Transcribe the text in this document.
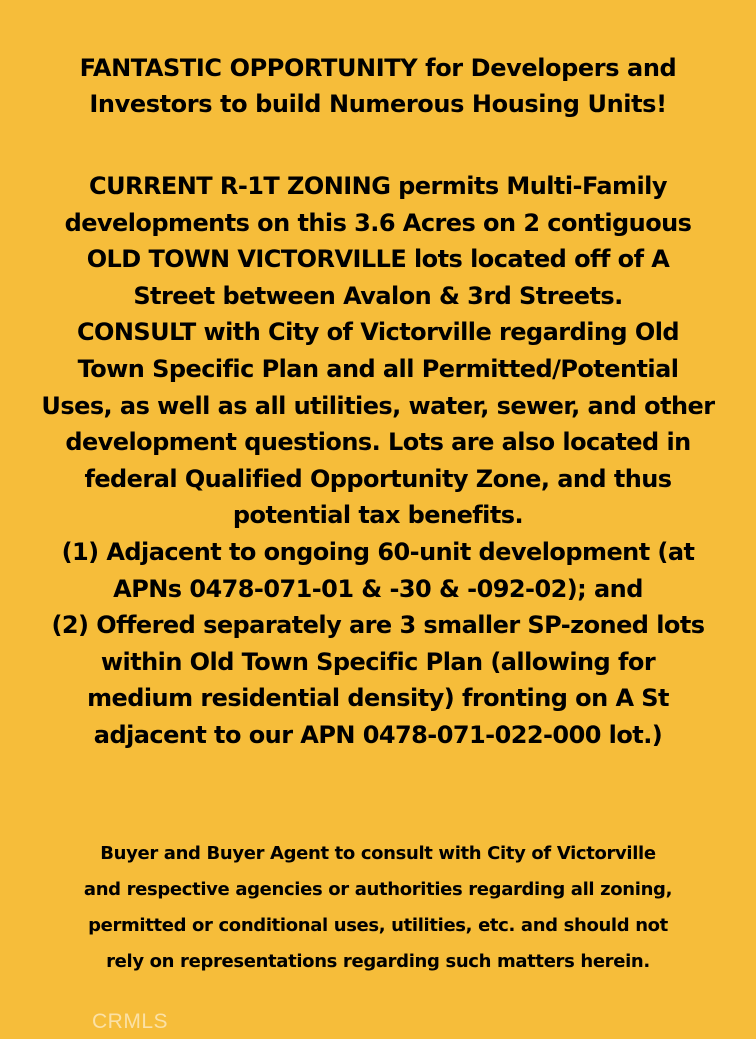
FANTASTIC OPPORTUNITY for Developers and
Investors to build Numerous Housing Units!
CURRENT R-1T ZONING permits Multi-Family
developments on this 3.6 Acres on 2 contiguous
OLD TOWN VICTORVILLE lots located off of A
Street between Avalon & 3rd Streets.
CONSULT with City of Victorville regarding Old
Town Specific Plan and all Permitted/Potential
Uses, as well as all utilities, water, sewer, and other
development questions. Lots are also located in
federal Qualified Opportunity Zone, and thus
potential tax benefits.
(1) Adjacent to ongoing 60-unit development (at
APNs 0478-071-01 & -30 & -092-02); and
(2) Offered separately are 3 smaller SP-zoned lots
within Old Town Specific Plan (allowing for
medium residential density) fronting on A St
adjacent to our APN 0478-071-022-000 lot.)
Buyer and Buyer Agent to consult with City of Victorville
and respective agencies or authorities regarding all zoning,
permitted or conditional uses, utilities, etc. and should not
rely on representations regarding such matters herein.
CRMLS
